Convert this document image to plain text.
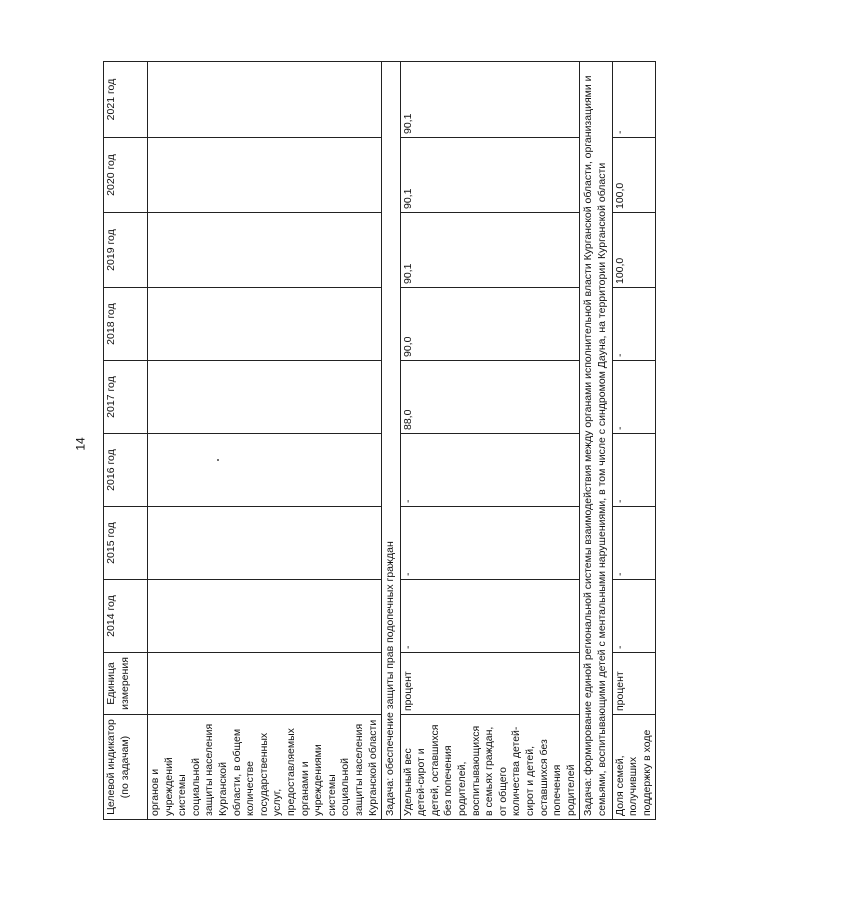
14
Целевой индикатор (по задачам)	Единица измерения	2014 год	2015 год	2016 год	2017 год	2018 год	2019 год	2020 год	2021 год
органов и учреждений системы социальной защиты населения Курганской области, в общем количестве государственных услуг, предоставляемых органами и учреждениями системы социальной защиты населения Курганской области									
Задача: обеспечение защиты прав подопечных граждан									
Удельный вес детей-сирот и детей, оставшихся без попечения родителей, воспитывающихся в семьях граждан, от общего количества детей-сирот и детей, оставшихся без попечения родителей	процент	-	-	-	88,0	90,0	90,1	90,1	90,1
Задача: формирование единой региональной системы взаимодействия между органами исполнительной власти Курганской области, организациями и семьями, воспитывающими детей с ментальными нарушениями, в том числе с синдромом Дауна, на территории Курганской области									
Доля семей, получивших поддержку в ходе	процент	-	-	-	-	-	100,0	100,0	-
